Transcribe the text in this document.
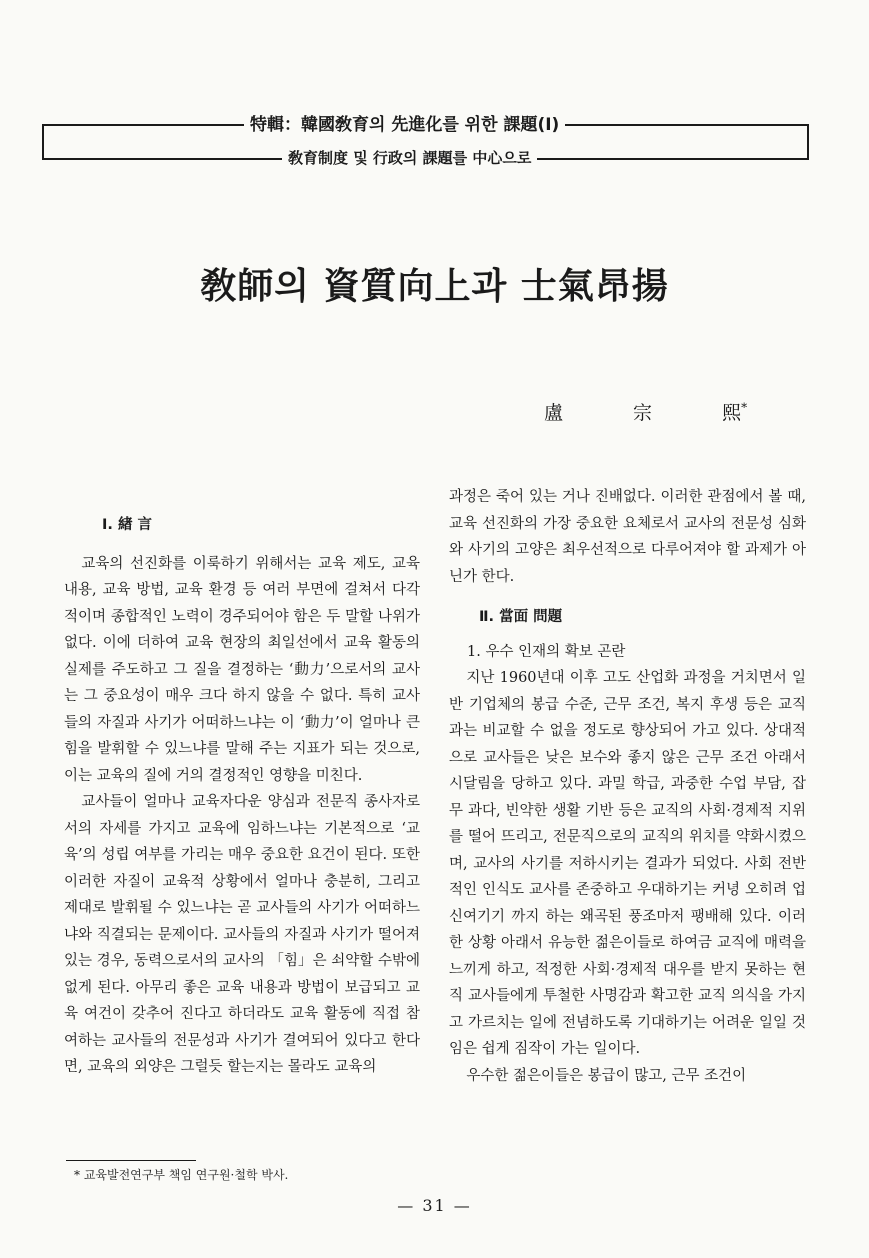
特輯：韓國敎育의 先進化를 위한 課題(Ⅰ)
敎育制度 및 行政의 課題를 中心으로
敎師의 資質向上과 士氣昂揚
盧 宗 熙*

Ⅰ. 緖 言

교육의 선진화를 이룩하기 위해서는 교육 제도, 교육 내용, 교육 방법, 교육 환경 등 여러 부면에 걸쳐서 다각적이며 종합적인 노력이 경주되어야 함은 두 말할 나위가 없다. 이에 더하여 교육 현장의 최일선에서 교육 활동의 실제를 주도하고 그 질을 결정하는 ‘動力’으로서의 교사는 그 중요성이 매우 크다 하지 않을 수 없다. 특히 교사들의 자질과 사기가 어떠하느냐는 이 ‘動力’이 얼마나 큰 힘을 발휘할 수 있느냐를 말해 주는 지표가 되는 것으로, 이는 교육의 질에 거의 결정적인 영향을 미친다.

교사들이 얼마나 교육자다운 양심과 전문직 종사자로서의 자세를 가지고 교육에 임하느냐는 기본적으로 ‘교육’의 성립 여부를 가리는 매우 중요한 요건이 된다. 또한 이러한 자질이 교육적 상황에서 얼마나 충분히, 그리고 제대로 발휘될 수 있느냐는 곧 교사들의 사기가 어떠하느냐와 직결되는 문제이다. 교사들의 자질과 사기가 떨어져 있는 경우, 동력으로서의 교사의 「힘」은 쇠약할 수밖에 없게 된다. 아무리 좋은 교육 내용과 방법이 보급되고 교육 여건이 갖추어 진다고 하더라도 교육 활동에 직접 참여하는 교사들의 전문성과 사기가 결여되어 있다고 한다면, 교육의 외양은 그럴듯 할는지는 몰라도 교육의

과정은 죽어 있는 거나 진배없다. 이러한 관점에서 볼 때, 교육 선진화의 가장 중요한 요체로서 교사의 전문성 심화와 사기의 고양은 최우선적으로 다루어져야 할 과제가 아닌가 한다.

Ⅱ. 當面 問題

1. 우수 인재의 확보 곤란

지난 1960년대 이후 고도 산업화 과정을 거치면서 일반 기업체의 봉급 수준, 근무 조건, 복지 후생 등은 교직과는 비교할 수 없을 정도로 향상되어 가고 있다. 상대적으로 교사들은 낮은 보수와 좋지 않은 근무 조건 아래서 시달림을 당하고 있다. 과밀 학급, 과중한 수업 부담, 잡무 과다, 빈약한 생활 기반 등은 교직의 사회·경제적 지위를 떨어 뜨리고, 전문직으로의 교직의 위치를 약화시켰으며, 교사의 사기를 저하시키는 결과가 되었다. 사회 전반적인 인식도 교사를 존중하고 우대하기는 커녕 오히려 업신여기기 까지 하는 왜곡된 풍조마저 팽배해 있다. 이러한 상황 아래서 유능한 젊은이들로 하여금 교직에 매력을 느끼게 하고, 적정한 사회·경제적 대우를 받지 못하는 현직 교사들에게 투철한 사명감과 확고한 교직 의식을 가지고 가르치는 일에 전념하도록 기대하기는 어려운 일일 것임은 쉽게 짐작이 가는 일이다.

우수한 젊은이들은 봉급이 많고, 근무 조건이

* 교육발전연구부 책임 연구원·철학 박사.
— 31 —
